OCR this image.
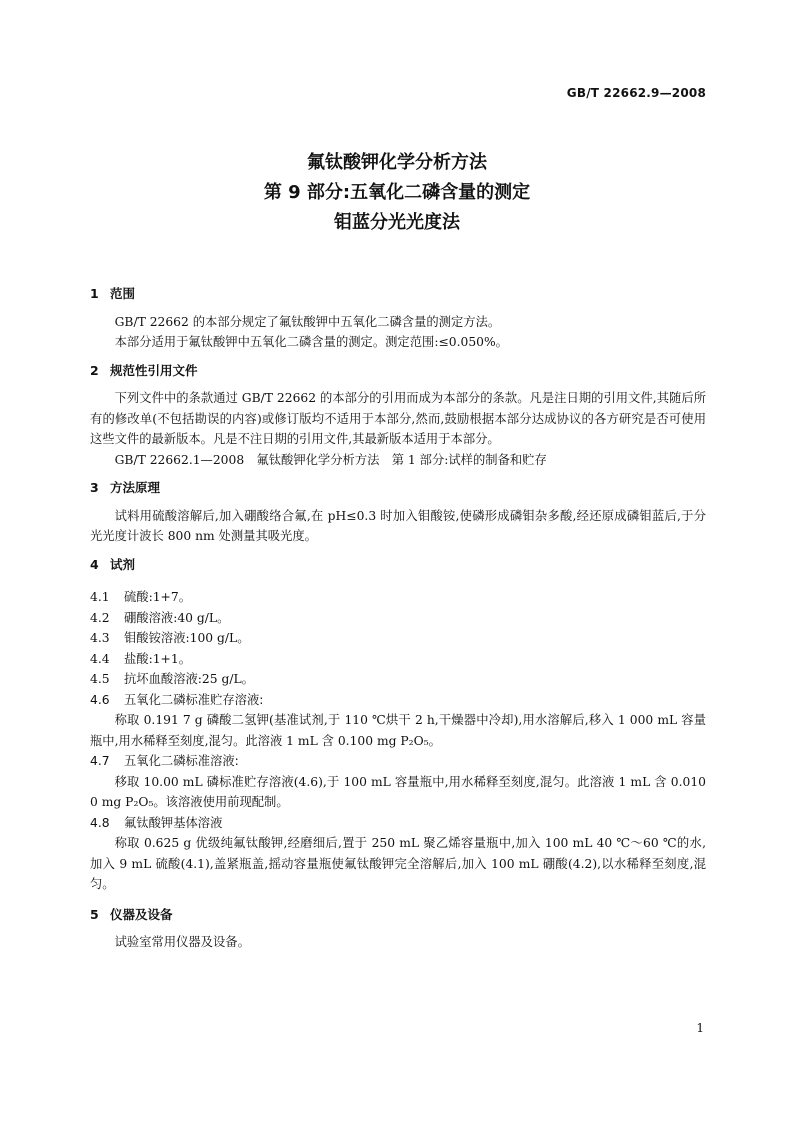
GB/T 22662.9—2008
氟钛酸钾化学分析方法
第 9 部分:五氧化二磷含量的测定
钼蓝分光光度法
1 范围

GB/T 22662 的本部分规定了氟钛酸钾中五氧化二磷含量的测定方法。

本部分适用于氟钛酸钾中五氧化二磷含量的测定。测定范围:≤0.050%。

2 规范性引用文件

下列文件中的条款通过 GB/T 22662 的本部分的引用而成为本部分的条款。凡是注日期的引用文件,其随后所有的修改单(不包括勘误的内容)或修订版均不适用于本部分,然而,鼓励根据本部分达成协议的各方研究是否可使用这些文件的最新版本。凡是不注日期的引用文件,其最新版本适用于本部分。

GB/T 22662.1—2008　氟钛酸钾化学分析方法　第 1 部分:试样的制备和贮存

3 方法原理

试料用硫酸溶解后,加入硼酸络合氟,在 pH≤0.3 时加入钼酸铵,使磷形成磷钼杂多酸,经还原成磷钼蓝后,于分光光度计波长 800 nm 处测量其吸光度。

4 试剂
4.1 硫酸:1+7。
4.2 硼酸溶液:40 g/L。
4.3 钼酸铵溶液:100 g/L。
4.4 盐酸:1+1。
4.5 抗坏血酸溶液:25 g/L。
4.6 五氧化二磷标准贮存溶液:

称取 0.191 7 g 磷酸二氢钾(基准试剂,于 110 ℃烘干 2 h,干燥器中冷却),用水溶解后,移入 1 000 mL 容量瓶中,用水稀释至刻度,混匀。此溶液 1 mL 含 0.100 mg P₂O₅。

4.7 五氧化二磷标准溶液:

移取 10.00 mL 磷标准贮存溶液(4.6),于 100 mL 容量瓶中,用水稀释至刻度,混匀。此溶液 1 mL 含 0.010 0 mg P₂O₅。该溶液使用前现配制。

4.8 氟钛酸钾基体溶液

称取 0.625 g 优级纯氟钛酸钾,经磨细后,置于 250 mL 聚乙烯容量瓶中,加入 100 mL 40 ℃～60 ℃的水,加入 9 mL 硫酸(4.1),盖紧瓶盖,摇动容量瓶使氟钛酸钾完全溶解后,加入 100 mL 硼酸(4.2),以水稀释至刻度,混匀。

5 仪器及设备

试验室常用仪器及设备。

1
